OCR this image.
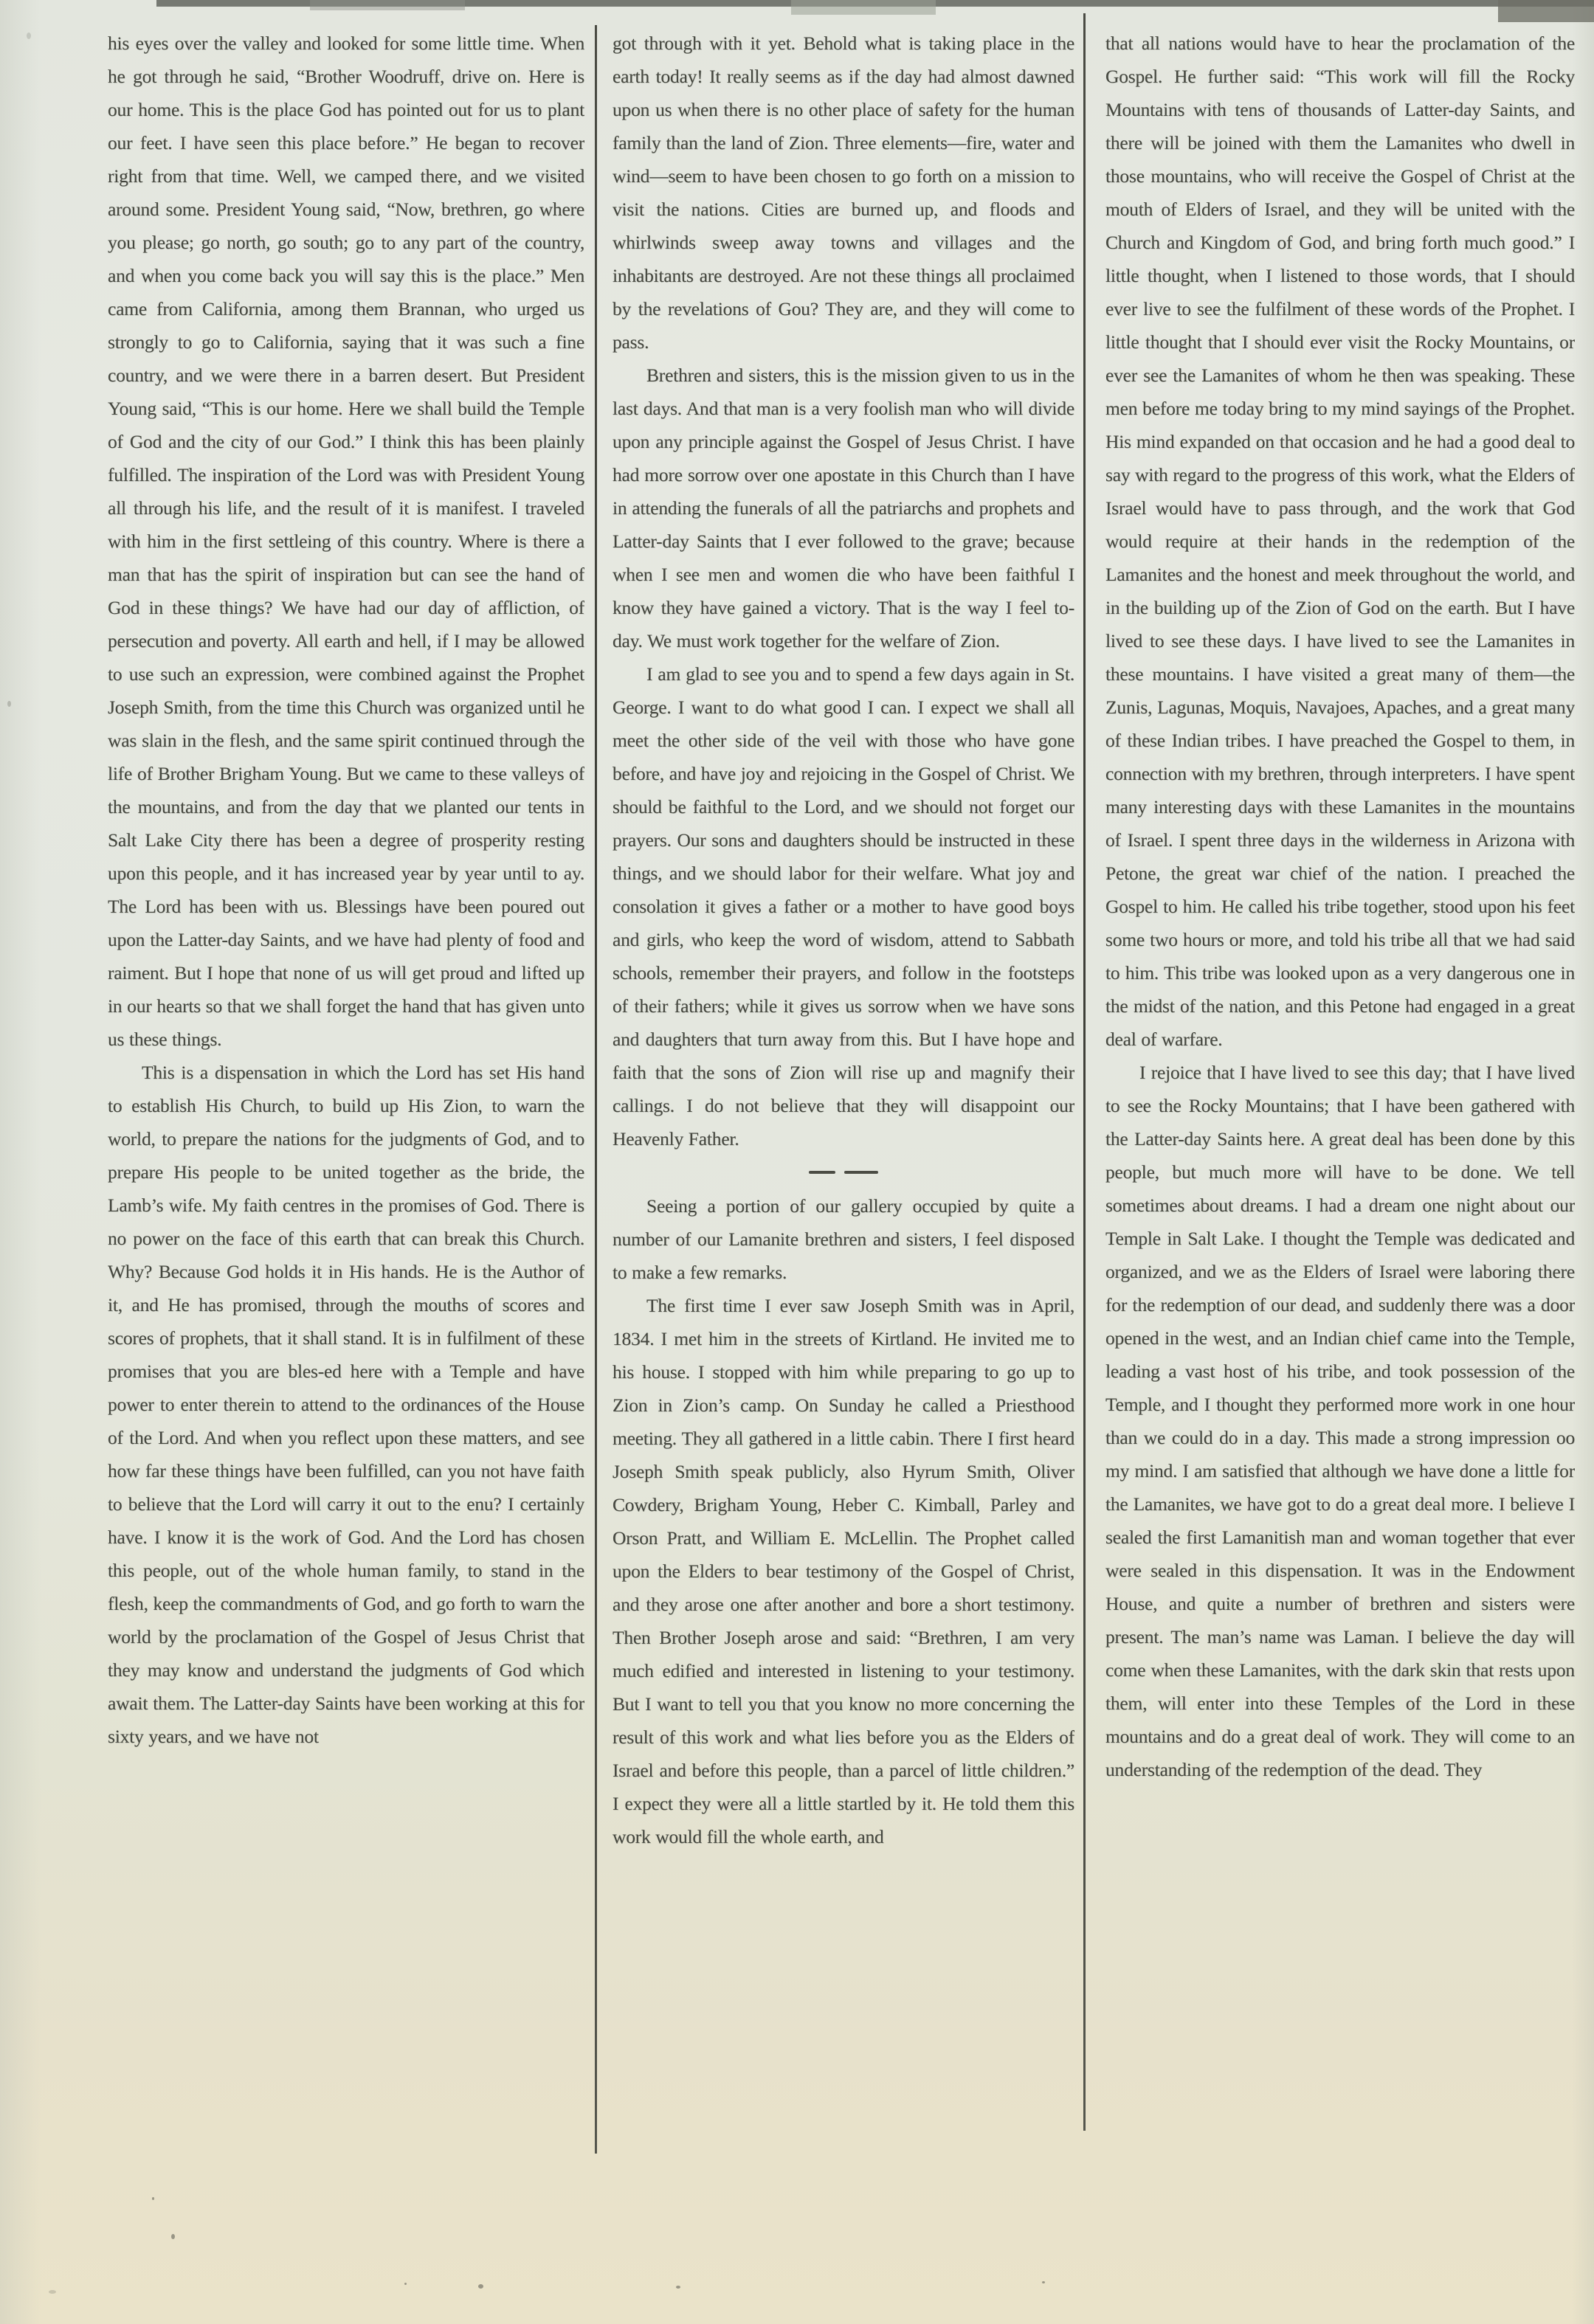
his eyes over the valley and looked for some little time. When he got through he said, “Brother Woodruff, drive on. Here is our home. This is the place God has pointed out for us to plant our feet. I have seen this place before.” He began to recover right from that time. Well, we camped there, and we visited around some. President Young said, “Now, brethren, go where you please; go north, go south; go to any part of the country, and when you come back you will say this is the place.” Men came from California, among them Brannan, who urged us strongly to go to California, saying that it was such a fine country, and we were there in a barren desert. But President Young said, “This is our home. Here we shall build the Temple of God and the city of our God.” I think this has been plainly fulfilled. The inspiration of the Lord was with President Young all through his life, and the result of it is manifest. I traveled with him in the first settleing of this country. Where is there a man that has the spirit of inspiration but can see the hand of God in these things? We have had our day of affliction, of persecution and poverty. All earth and hell, if I may be allowed to use such an expression, were combined against the Prophet Joseph Smith, from the time this Church was organized until he was slain in the flesh, and the same spirit continued through the life of Brother Brigham Young. But we came to these valleys of the mountains, and from the day that we planted our tents in Salt Lake City there has been a degree of prosperity resting upon this people, and it has increased year by year until to ay. The Lord has been with us. Blessings have been poured out upon the Latter-day Saints, and we have had plenty of food and raiment. But I hope that none of us will get proud and lifted up in our hearts so that we shall forget the hand that has given unto us these things.

This is a dispensation in which the Lord has set His hand to establish His Church, to build up His Zion, to warn the world, to prepare the nations for the judgments of God, and to prepare His people to be united together as the bride, the Lamb’s wife. My faith centres in the promises of God. There is no power on the face of this earth that can break this Church. Why? Because God holds it in His hands. He is the Author of it, and He has promised, through the mouths of scores and scores of prophets, that it shall stand. It is in fulfilment of these promises that you are bles-ed here with a Temple and have power to enter therein to attend to the ordinances of the House of the Lord. And when you reflect upon these matters, and see how far these things have been fulfilled, can you not have faith to believe that the Lord will carry it out to the enu? I certainly have. I know it is the work of God. And the Lord has chosen this people, out of the whole human family, to stand in the flesh, keep the commandments of God, and go forth to warn the world by the proclamation of the Gospel of Jesus Christ that they may know and understand the judgments of God which await them. The Latter-day Saints have been working at this for sixty years, and we have not

got through with it yet. Behold what is taking place in the earth today! It really seems as if the day had almost dawned upon us when there is no other place of safety for the human family than the land of Zion. Three elements—fire, water and wind—seem to have been chosen to go forth on a mission to visit the nations. Cities are burned up, and floods and whirlwinds sweep away towns and villages and the inhabitants are destroyed. Are not these things all proclaimed by the revelations of Gou? They are, and they will come to pass.

Brethren and sisters, this is the mission given to us in the last days. And that man is a very foolish man who will divide upon any principle against the Gospel of Jesus Christ. I have had more sorrow over one apostate in this Church than I have in attending the funerals of all the patriarchs and prophets and Latter-day Saints that I ever followed to the grave; because when I see men and women die who have been faithful I know they have gained a victory. That is the way I feel to-day. We must work together for the welfare of Zion.

I am glad to see you and to spend a few days again in St. George. I want to do what good I can. I expect we shall all meet the other side of the veil with those who have gone before, and have joy and rejoicing in the Gospel of Christ. We should be faithful to the Lord, and we should not forget our prayers. Our sons and daughters should be instructed in these things, and we should labor for their welfare. What joy and consolation it gives a father or a mother to have good boys and girls, who keep the word of wisdom, attend to Sabbath schools, remember their prayers, and follow in the footsteps of their fathers; while it gives us sorrow when we have sons and daughters that turn away from this. But I have hope and faith that the sons of Zion will rise up and magnify their callings. I do not believe that they will disappoint our Heavenly Father.

Seeing a portion of our gallery occupied by quite a number of our Lamanite brethren and sisters, I feel disposed to make a few remarks.

The first time I ever saw Joseph Smith was in April, 1834. I met him in the streets of Kirtland. He invited me to his house. I stopped with him while preparing to go up to Zion in Zion’s camp. On Sunday he called a Priesthood meeting. They all gathered in a little cabin. There I first heard Joseph Smith speak publicly, also Hyrum Smith, Oliver Cowdery, Brigham Young, Heber C. Kimball, Parley and Orson Pratt, and William E. McLellin. The Prophet called upon the Elders to bear testimony of the Gospel of Christ, and they arose one after another and bore a short testimony. Then Brother Joseph arose and said: “Brethren, I am very much edified and interested in listening to your testimony. But I want to tell you that you know no more concerning the result of this work and what lies before you as the Elders of Israel and before this people, than a parcel of little children.” I expect they were all a little startled by it. He told them this work would fill the whole earth, and

that all nations would have to hear the proclamation of the Gospel. He further said: “This work will fill the Rocky Mountains with tens of thousands of Latter-day Saints, and there will be joined with them the Lamanites who dwell in those mountains, who will receive the Gospel of Christ at the mouth of Elders of Israel, and they will be united with the Church and Kingdom of God, and bring forth much good.” I little thought, when I listened to those words, that I should ever live to see the fulfilment of these words of the Prophet. I little thought that I should ever visit the Rocky Mountains, or ever see the Lamanites of whom he then was speaking. These men before me today bring to my mind sayings of the Prophet. His mind expanded on that occasion and he had a good deal to say with regard to the progress of this work, what the Elders of Israel would have to pass through, and the work that God would require at their hands in the redemption of the Lamanites and the honest and meek throughout the world, and in the building up of the Zion of God on the earth. But I have lived to see these days. I have lived to see the Lamanites in these mountains. I have visited a great many of them—the Zunis, Lagunas, Moquis, Navajoes, Apaches, and a great many of these Indian tribes. I have preached the Gospel to them, in connection with my brethren, through interpreters. I have spent many interesting days with these Lamanites in the mountains of Israel. I spent three days in the wilderness in Arizona with Petone, the great war chief of the nation. I preached the Gospel to him. He called his tribe together, stood upon his feet some two hours or more, and told his tribe all that we had said to him. This tribe was looked upon as a very dangerous one in the midst of the nation, and this Petone had engaged in a great deal of warfare.

I rejoice that I have lived to see this day; that I have lived to see the Rocky Mountains; that I have been gathered with the Latter-day Saints here. A great deal has been done by this people, but much more will have to be done. We tell sometimes about dreams. I had a dream one night about our Temple in Salt Lake. I thought the Temple was dedicated and organized, and we as the Elders of Israel were laboring there for the redemption of our dead, and suddenly there was a door opened in the west, and an Indian chief came into the Temple, leading a vast host of his tribe, and took possession of the Temple, and I thought they performed more work in one hour than we could do in a day. This made a strong impression oo my mind. I am satisfied that although we have done a little for the Lamanites, we have got to do a great deal more. I believe I sealed the first Lamanitish man and woman together that ever were sealed in this dispensation. It was in the Endowment House, and quite a number of brethren and sisters were present. The man’s name was Laman. I believe the day will come when these Lamanites, with the dark skin that rests upon them, will enter into these Temples of the Lord in these mountains and do a great deal of work. They will come to an understanding of the redemption of the dead. They
